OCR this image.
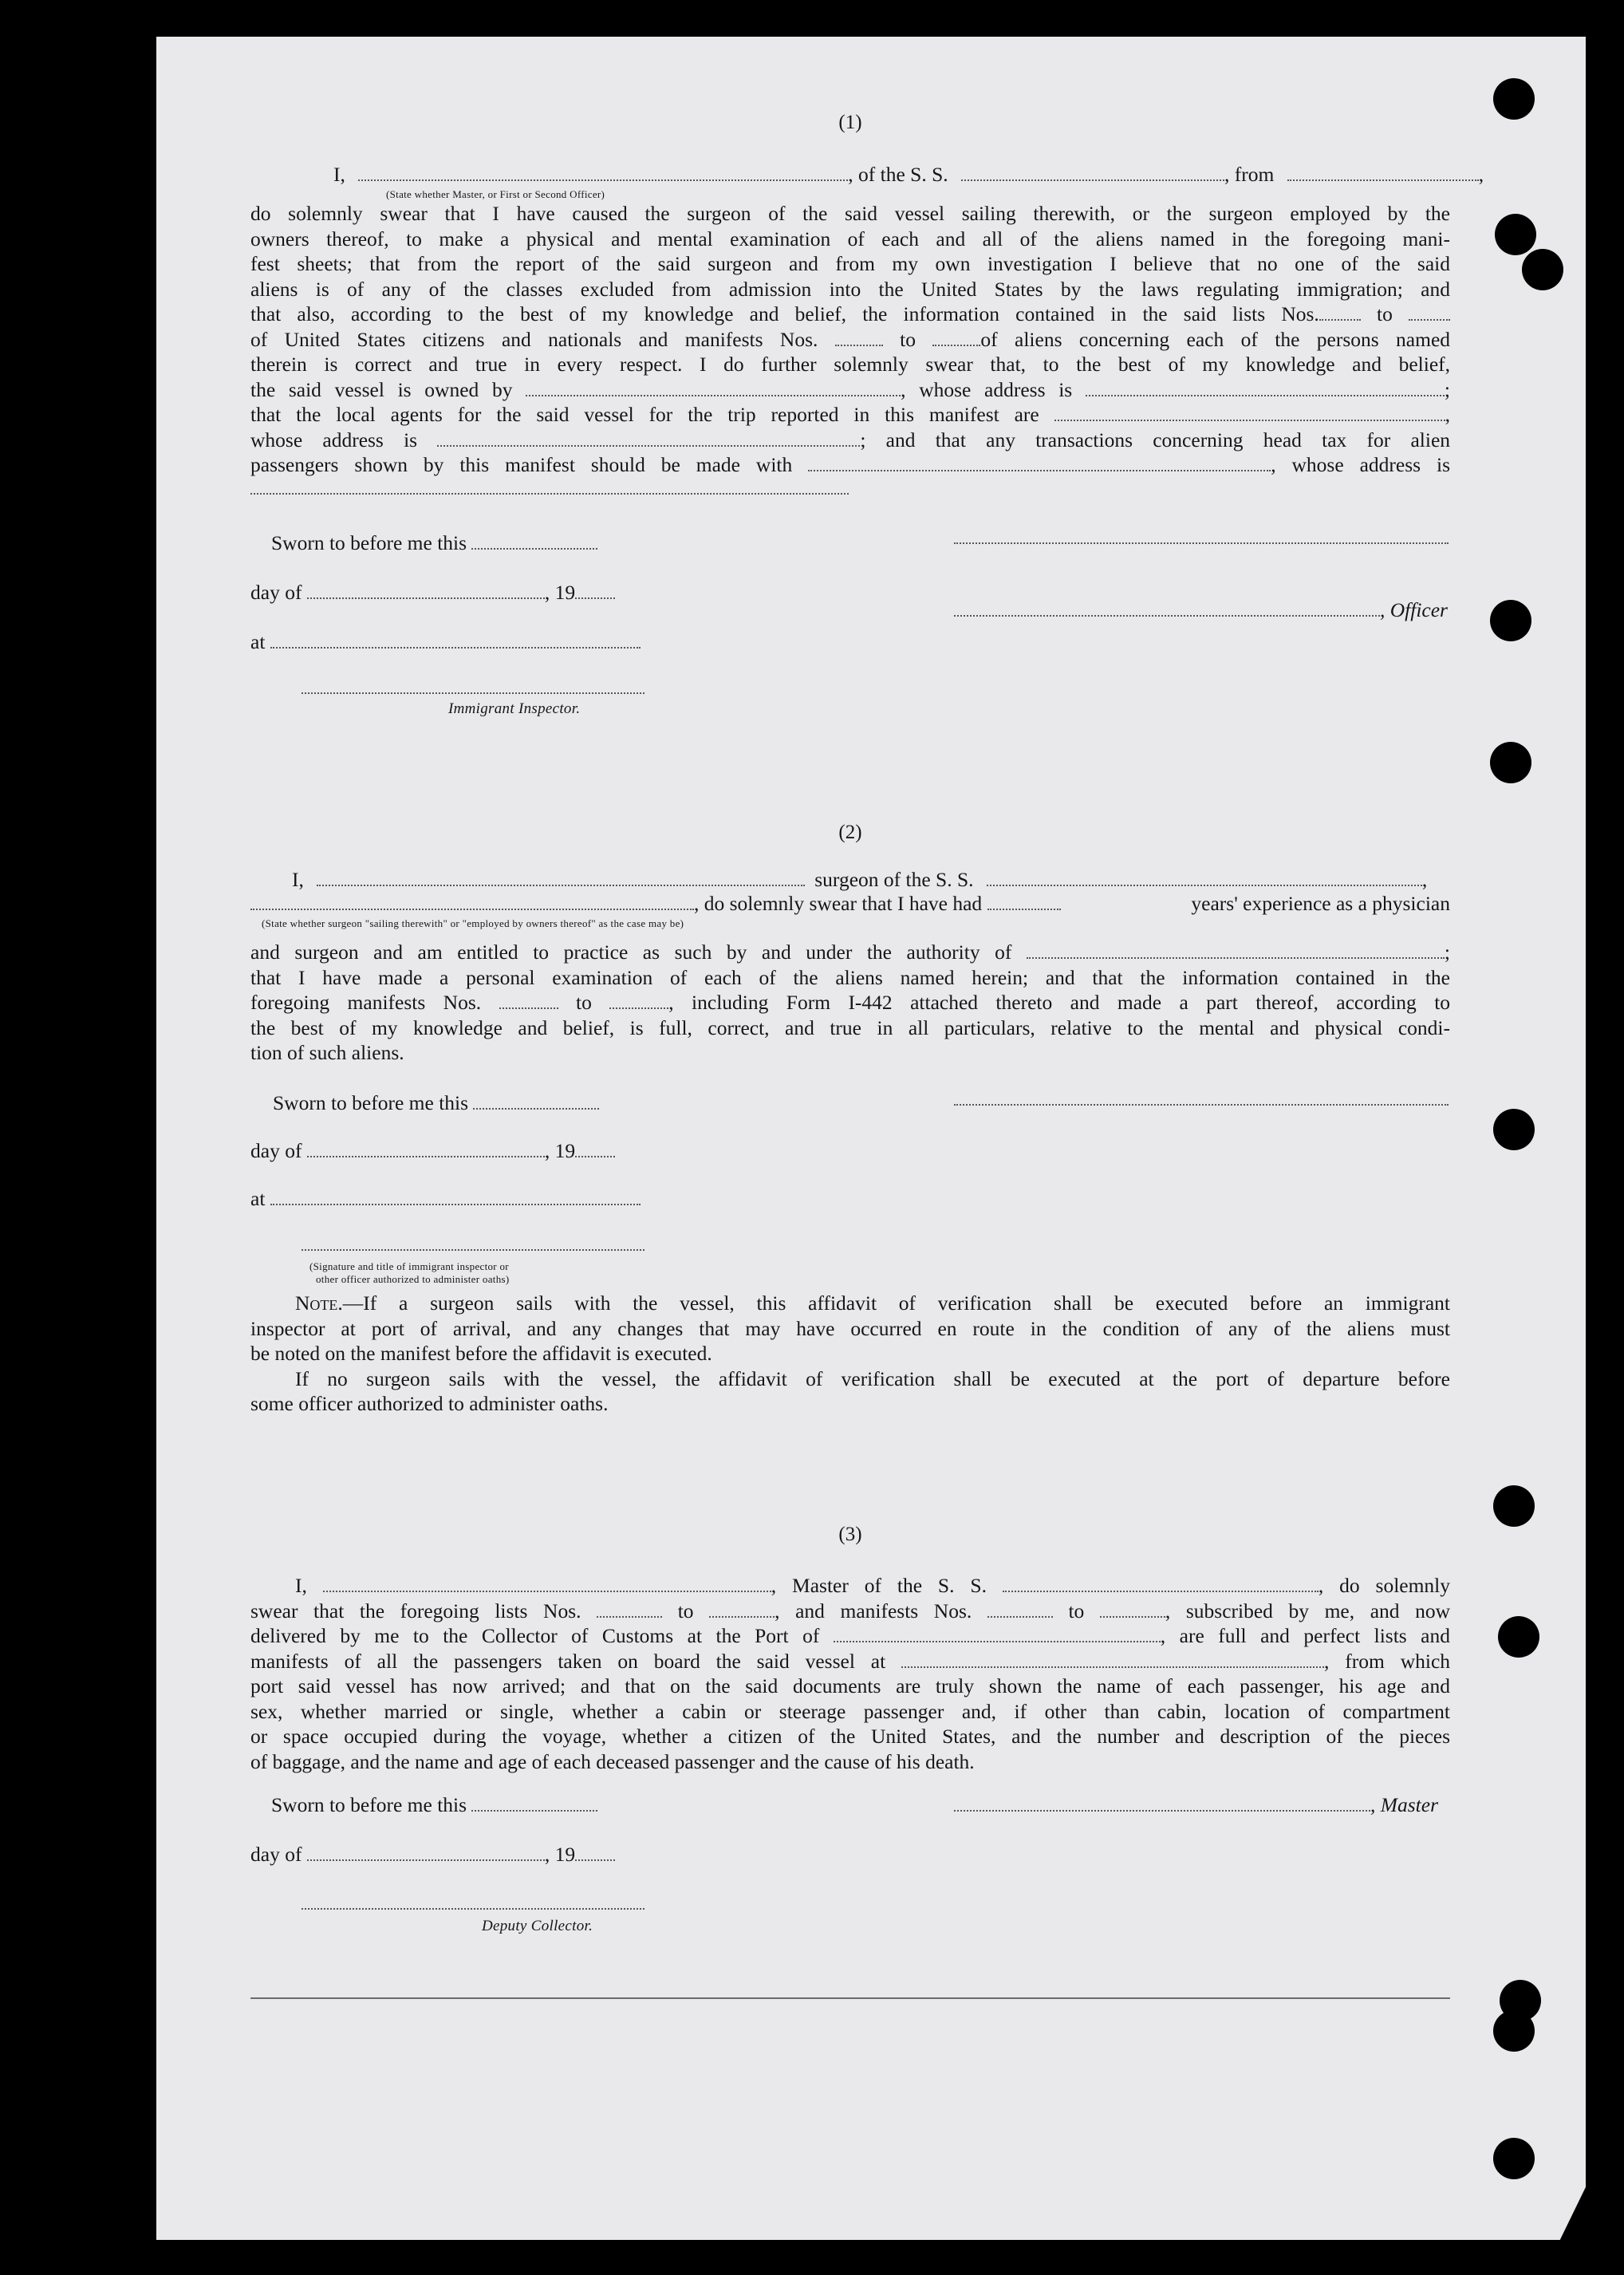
(1)
I,	, of the S. S.	, from	,
(State whether Master, or First or Second Officer)
do solemnly swear that I have caused the surgeon of the said vessel sailing therewith, or the surgeon employed by the
owners thereof, to make a physical and mental examination of each and all of the aliens named in the foregoing mani-
fest sheets; that from the report of the said surgeon and from my own investigation I believe that no one of the said
aliens is of any of the classes excluded from admission into the United States by the laws regulating immigration; and
that also, according to the best of my knowledge and belief, the information contained in the said lists Nos.	to
of United States citizens and nationals and manifests Nos.	to	of aliens concerning each of the persons named
therein is correct and true in every respect. I do further solemnly swear that, to the best of my knowledge and belief,
the said vessel is owned by	, whose address is	;
that the local agents for the said vessel for the trip reported in this manifest are	,
whose address is	; and that any transactions concerning head tax for alien
passengers shown by this manifest should be made with	, whose address is
Sworn to before me this
day of	, 19
, Officer
at
Immigrant Inspector.
(2)
I,	surgeon of the S. S.	,
, do solemnly swear that I have had	years' experience as a physician
(State whether surgeon "sailing therewith" or "employed by owners thereof" as the case may be)
and surgeon and am entitled to practice as such by and under the authority of	;
that I have made a personal examination of each of the aliens named herein; and that the information contained in the
foregoing manifests Nos.	to	, including Form I-442 attached thereto and made a part thereof, according to
the best of my knowledge and belief, is full, correct, and true in all particulars, relative to the mental and physical condi-
tion of such aliens.
Sworn to before me this
day of	, 19
at
(Signature and title of immigrant inspector or
other officer authorized to administer oaths)
Note.—If a surgeon sails with the vessel, this affidavit of verification shall be executed before an immigrant
inspector at port of arrival, and any changes that may have occurred en route in the condition of any of the aliens must
be noted on the manifest before the affidavit is executed.
If no surgeon sails with the vessel, the affidavit of verification shall be executed at the port of departure before
some officer authorized to administer oaths.
(3)
I,	, Master of the S. S.	, do solemnly
swear that the foregoing lists Nos.	to	, and manifests Nos.	to	, subscribed by me, and now
delivered by me to the Collector of Customs at the Port of	, are full and perfect lists and
manifests of all the passengers taken on board the said vessel at	, from which
port said vessel has now arrived; and that on the said documents are truly shown the name of each passenger, his age and
sex, whether married or single, whether a cabin or steerage passenger and, if other than cabin, location of compartment
or space occupied during the voyage, whether a citizen of the United States, and the number and description of the pieces
of baggage, and the name and age of each deceased passenger and the cause of his death.
Sworn to before me this	, Master
day of	, 19
Deputy Collector.
